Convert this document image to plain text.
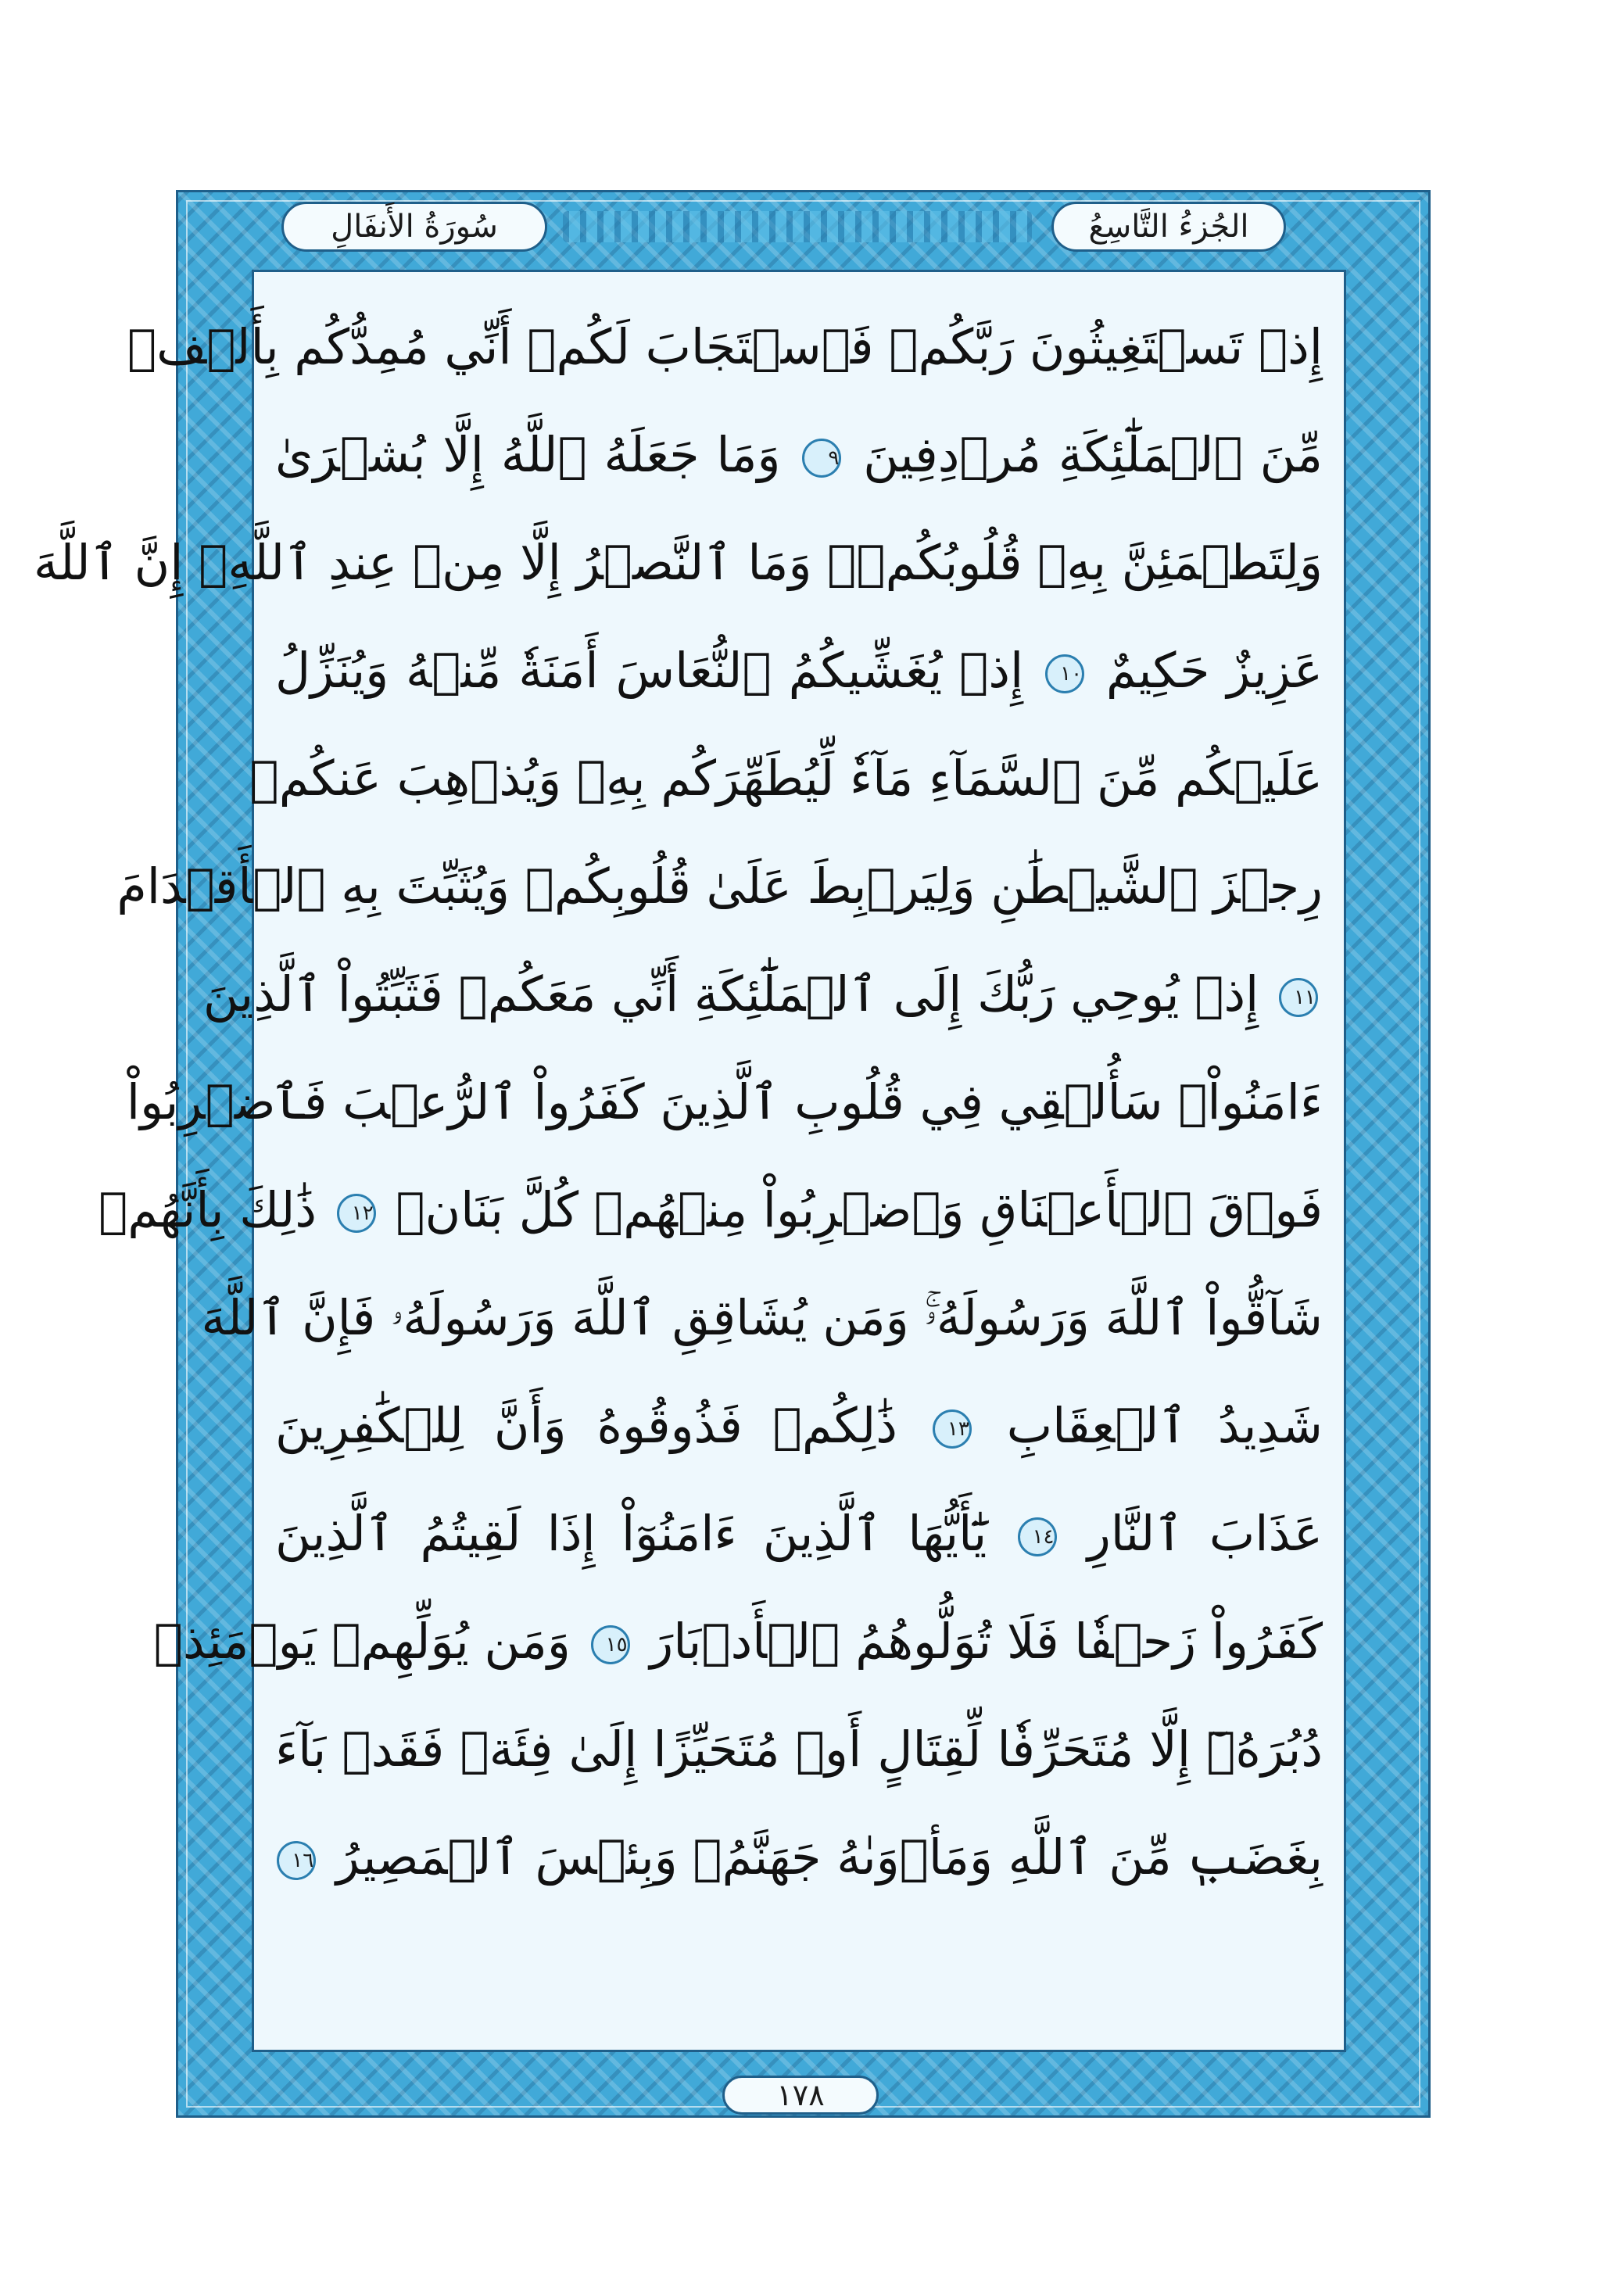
الجُزءُ التَّاسِعُ
سُورَةُ الأَنفَالِ
إِذۡ تَسۡتَغِيثُونَ رَبَّكُمۡ فَٱسۡتَجَابَ لَكُمۡ أَنِّي مُمِدُّكُم بِأَلۡفٖ
مِّنَ ٱلۡمَلَٰٓئِكَةِ مُرۡدِفِينَ ٩ وَمَا جَعَلَهُ ٱللَّهُ إِلَّا بُشۡرَىٰ
وَلِتَطۡمَئِنَّ بِهِۦ قُلُوبُكُمۡۚ وَمَا ٱلنَّصۡرُ إِلَّا مِنۡ عِندِ ٱللَّهِۚ إِنَّ ٱللَّهَ
عَزِيزٌ حَكِيمٌ ١٠ إِذۡ يُغَشِّيكُمُ ٱلنُّعَاسَ أَمَنَةٗ مِّنۡهُ وَيُنَزِّلُ
عَلَيۡكُم مِّنَ ٱلسَّمَآءِ مَآءٗ لِّيُطَهِّرَكُم بِهِۦ وَيُذۡهِبَ عَنكُمۡ
رِجۡزَ ٱلشَّيۡطَٰنِ وَلِيَرۡبِطَ عَلَىٰ قُلُوبِكُمۡ وَيُثَبِّتَ بِهِ ٱلۡأَقۡدَامَ
١١ إِذۡ يُوحِي رَبُّكَ إِلَى ٱلۡمَلَٰٓئِكَةِ أَنِّي مَعَكُمۡ فَثَبِّتُواْ ٱلَّذِينَ
ءَامَنُواْۚ سَأُلۡقِي فِي قُلُوبِ ٱلَّذِينَ كَفَرُواْ ٱلرُّعۡبَ فَٱضۡرِبُواْ
فَوۡقَ ٱلۡأَعۡنَاقِ وَٱضۡرِبُواْ مِنۡهُمۡ كُلَّ بَنَانٖ ١٢ ذَٰلِكَ بِأَنَّهُمۡ
شَآقُّواْ ٱللَّهَ وَرَسُولَهُۥۚ وَمَن يُشَاقِقِ ٱللَّهَ وَرَسُولَهُۥ فَإِنَّ ٱللَّهَ
شَدِيدُ ٱلۡعِقَابِ ١٣ ذَٰلِكُمۡ فَذُوقُوهُ وَأَنَّ لِلۡكَٰفِرِينَ
عَذَابَ ٱلنَّارِ ١٤ يَٰٓأَيُّهَا ٱلَّذِينَ ءَامَنُوٓاْ إِذَا لَقِيتُمُ ٱلَّذِينَ
كَفَرُواْ زَحۡفٗا فَلَا تُوَلُّوهُمُ ٱلۡأَدۡبَارَ ١٥ وَمَن يُوَلِّهِمۡ يَوۡمَئِذٖ
دُبُرَهُۥٓ إِلَّا مُتَحَرِّفٗا لِّقِتَالٍ أَوۡ مُتَحَيِّزًا إِلَىٰ فِئَةٖ فَقَدۡ بَآءَ
بِغَضَبٖ مِّنَ ٱللَّهِ وَمَأۡوَىٰهُ جَهَنَّمُۖ وَبِئۡسَ ٱلۡمَصِيرُ ١٦
١٧٨
